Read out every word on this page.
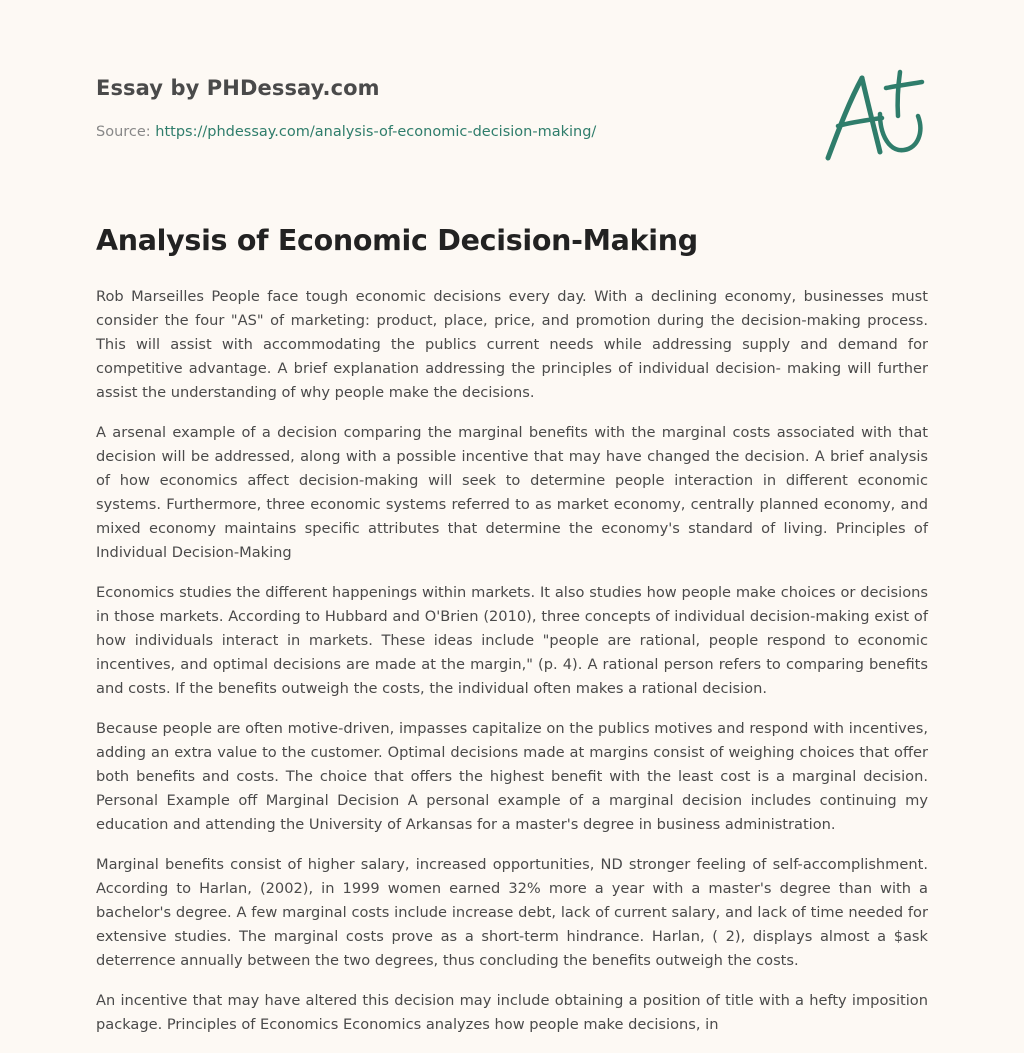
Essay by PHDessay.com
Source: https://phdessay.com/analysis-of-economic-decision-making/
Analysis of Economic Decision-Making

Rob Marseilles People face tough economic decisions every day. With a declining economy, businesses must consider the four "AS" of marketing: product, place, price, and promotion during the decision-making process. This will assist with accommodating the publics current needs while addressing supply and demand for competitive advantage. A brief explanation addressing the principles of individual decision- making will further assist the understanding of why people make the decisions.

A arsenal example of a decision comparing the marginal benefits with the marginal costs associated with that decision will be addressed, along with a possible incentive that may have changed the decision. A brief analysis of how economics affect decision-making will seek to determine people interaction in different economic systems. Furthermore, three economic systems referred to as market economy, centrally planned economy, and mixed economy maintains specific attributes that determine the economy's standard of living. Principles of Individual Decision-Making

Economics studies the different happenings within markets. It also studies how people make choices or decisions in those markets. According to Hubbard and O'Brien (2010), three concepts of individual decision-making exist of how individuals interact in markets. These ideas include "people are rational, people respond to economic incentives, and optimal decisions are made at the margin," (p. 4). A rational person refers to comparing benefits and costs. If the benefits outweigh the costs, the individual often makes a rational decision.

Because people are often motive-driven, impasses capitalize on the publics motives and respond with incentives, adding an extra value to the customer. Optimal decisions made at margins consist of weighing choices that offer both benefits and costs. The choice that offers the highest benefit with the least cost is a marginal decision. Personal Example off Marginal Decision A personal example of a marginal decision includes continuing my education and attending the University of Arkansas for a master's degree in business administration.

Marginal benefits consist of higher salary, increased opportunities, ND stronger feeling of self-accomplishment. According to Harlan, (2002), in 1999 women earned 32% more a year with a master's degree than with a bachelor's degree. A few marginal costs include increase debt, lack of current salary, and lack of time needed for extensive studies. The marginal costs prove as a short-term hindrance. Harlan, ( 2), displays almost a $ask deterrence annually between the two degrees, thus concluding the benefits outweigh the costs.

An incentive that may have altered this decision may include obtaining a position of title with a hefty imposition package. Principles of Economics Economics analyzes how people make decisions, in
